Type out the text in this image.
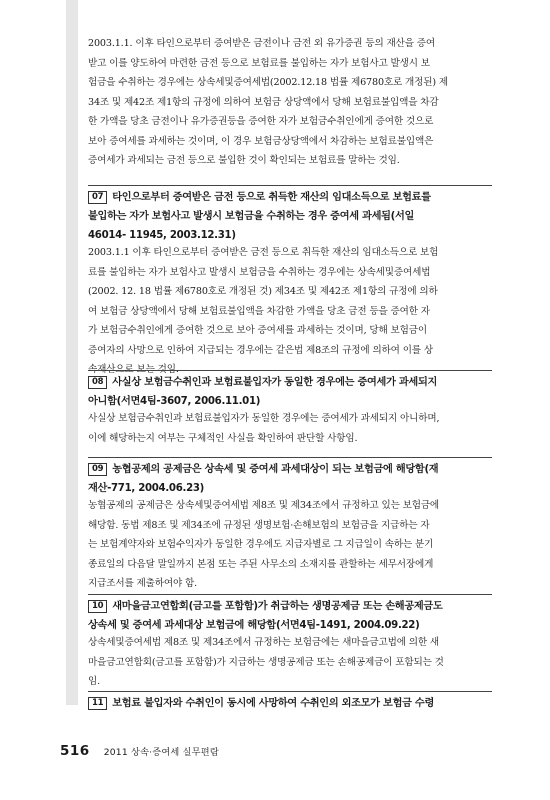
2003.1.1. 이후 타인으로부터 증여받은 금전이나 금전 외 유가증권 등의 재산을 증여
받고 이를 양도하여 마련한 금전 등으로 보험료를 불입하는 자가 보험사고 발생시 보
험금을 수취하는 경우에는 상속세및증여세법(2002.12.18 법률 제6780호로 개정된) 제
34조 및 제42조 제1항의 규정에 의하여 보험금 상당액에서 당해 보험료불입액을 차감
한 가액을 당초 금전이나 유가증권등을 증여한 자가 보험금수취인에게 증여한 것으로
보아 증여세를 과세하는 것이며, 이 경우 보험금상당액에서 차감하는 보험료불입액은
증여세가 과세되는 금전 등으로 불입한 것이 확인되는 보험료를 말하는 것임.
07 타인으로부터 증여받은 금전 등으로 취득한 재산의 임대소득으로 보험료를
불입하는 자가 보험사고 발생시 보험금을 수취하는 경우 증여세 과세됨(서일
46014- 11945, 2003.12.31)
2003.1.1 이후 타인으로부터 증여받은 금전 등으로 취득한 재산의 임대소득으로 보험
료를 불입하는 자가 보험사고 발생시 보험금을 수취하는 경우에는 상속세및증여세법
(2002. 12. 18 법률 제6780호로 개정된 것) 제34조 및 제42조 제1항의 규정에 의하
여 보험금 상당액에서 당해 보험료불입액을 차감한 가액을 당초 금전 등을 증여한 자
가 보험금수취인에게 증여한 것으로 보아 증여세를 과세하는 것이며, 당해 보험금이
증여자의 사망으로 인하여 지급되는 경우에는 같은법 제8조의 규정에 의하여 이를 상
08 사실상 보험금수취인과 보험료불입자가 동일한 경우에는 증여세가 과세되지
아니함(서면4팀-3607, 2006.11.01)
사실상 보험금수취인과 보험료불입자가 동일한 경우에는 증여세가 과세되지 아니하며,
이에 해당하는지 여부는 구체적인 사실을 확인하여 판단할 사항임.
09 농협공제의 공제금은 상속세 및 증여세 과세대상이 되는 보험금에 해당함(재
재산-771, 2004.06.23)
농협공제의 공제금은 상속세및증여세법 제8조 및 제34조에서 규정하고 있는 보험금에
해당함. 동법 제8조 및 제34조에 규정된 생명보험·손해보험의 보험금을 지급하는 자
는 보험계약자와 보험수익자가 동일한 경우에도 지급자별로 그 지급일이 속하는 분기
종료일의 다음달 말일까지 본점 또는 주된 사무소의 소재지를 관할하는 세무서장에게
지급조서를 제출하여야 함.
10 새마을금고연합회(금고를 포함함)가 취급하는 생명공제금 또는 손해공제금도
상속세 및 증여세 과세대상 보험금에 해당함(서면4팀-1491, 2004.09.22)
상속세및증여세법 제8조 및 제34조에서 규정하는 보험금에는 새마을금고법에 의한 새
마을금고연합회(금고를 포함함)가 지급하는 생명공제금 또는 손해공제금이 포함되는 것
임.
11 보험료 불입자와 수취인이 동시에 사망하여 수취인의 외조모가 보험금 수령
516 2011 상속·증여세 실무편람
